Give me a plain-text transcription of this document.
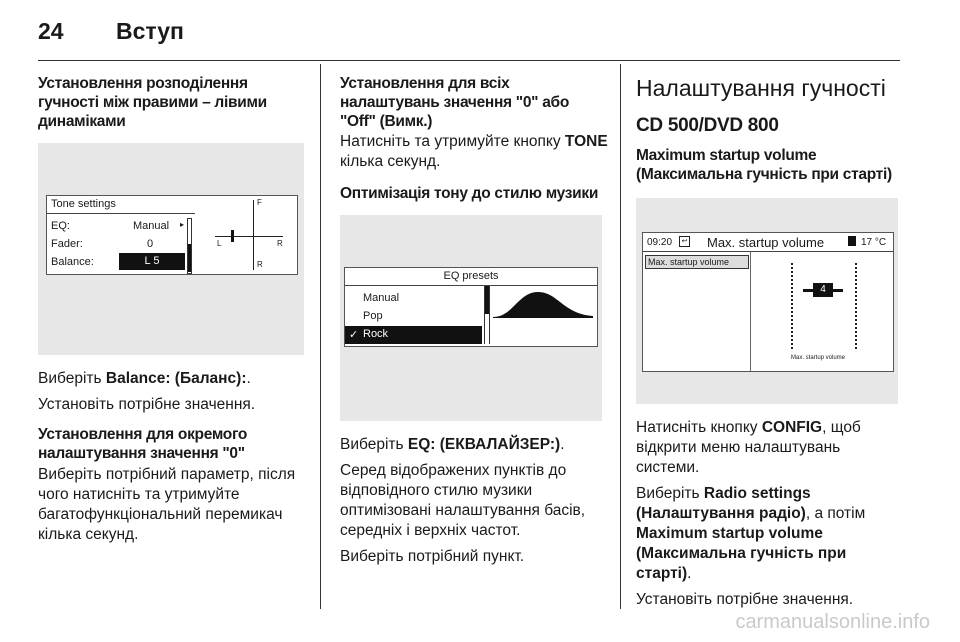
24 Вступ
Установлення розподілення гучності між правими – лівими динаміками
Tone settings
EQ:	Manual ▸
Fader:	0
Balance:	L 5
F
L	R
R

Виберіть Balance: (Баланс):.

Установіть потрібне значення.

Установлення для окремого налаштування значення "0"

Виберіть потрібний параметр, після чого натисніть та утримуйте багатофункціональний перемикач кілька секунд.

Установлення для всіх налаштувань значення "0" або "Off" (Вимк.)

Натисніть та утримуйте кнопку TONE кілька секунд.

Оптимізація тону до стилю музики
EQ presets
Manual
Pop
✓ Rock

Виберіть EQ: (ЕКВАЛАЙЗЕР:).

Серед відображених пунктів до відповідного стилю музики оптимізовані налаштування басів, середніх і верхніх частот.

Виберіть потрібний пункт.

Налаштування гучності
CD 500/DVD 800
Maximum startup volume (Максимальна гучність при старті)
09:20	↩ Max. startup volume	17 °C
Max. startup volume
4
Max. startup volume

Натисніть кнопку CONFIG, щоб відкрити меню налаштувань системи.

Виберіть Radio settings (Налаштування радіо), а потім Maximum startup volume (Максимальна гучність при старті).

Установіть потрібне значення.

carmanualsonline.info
